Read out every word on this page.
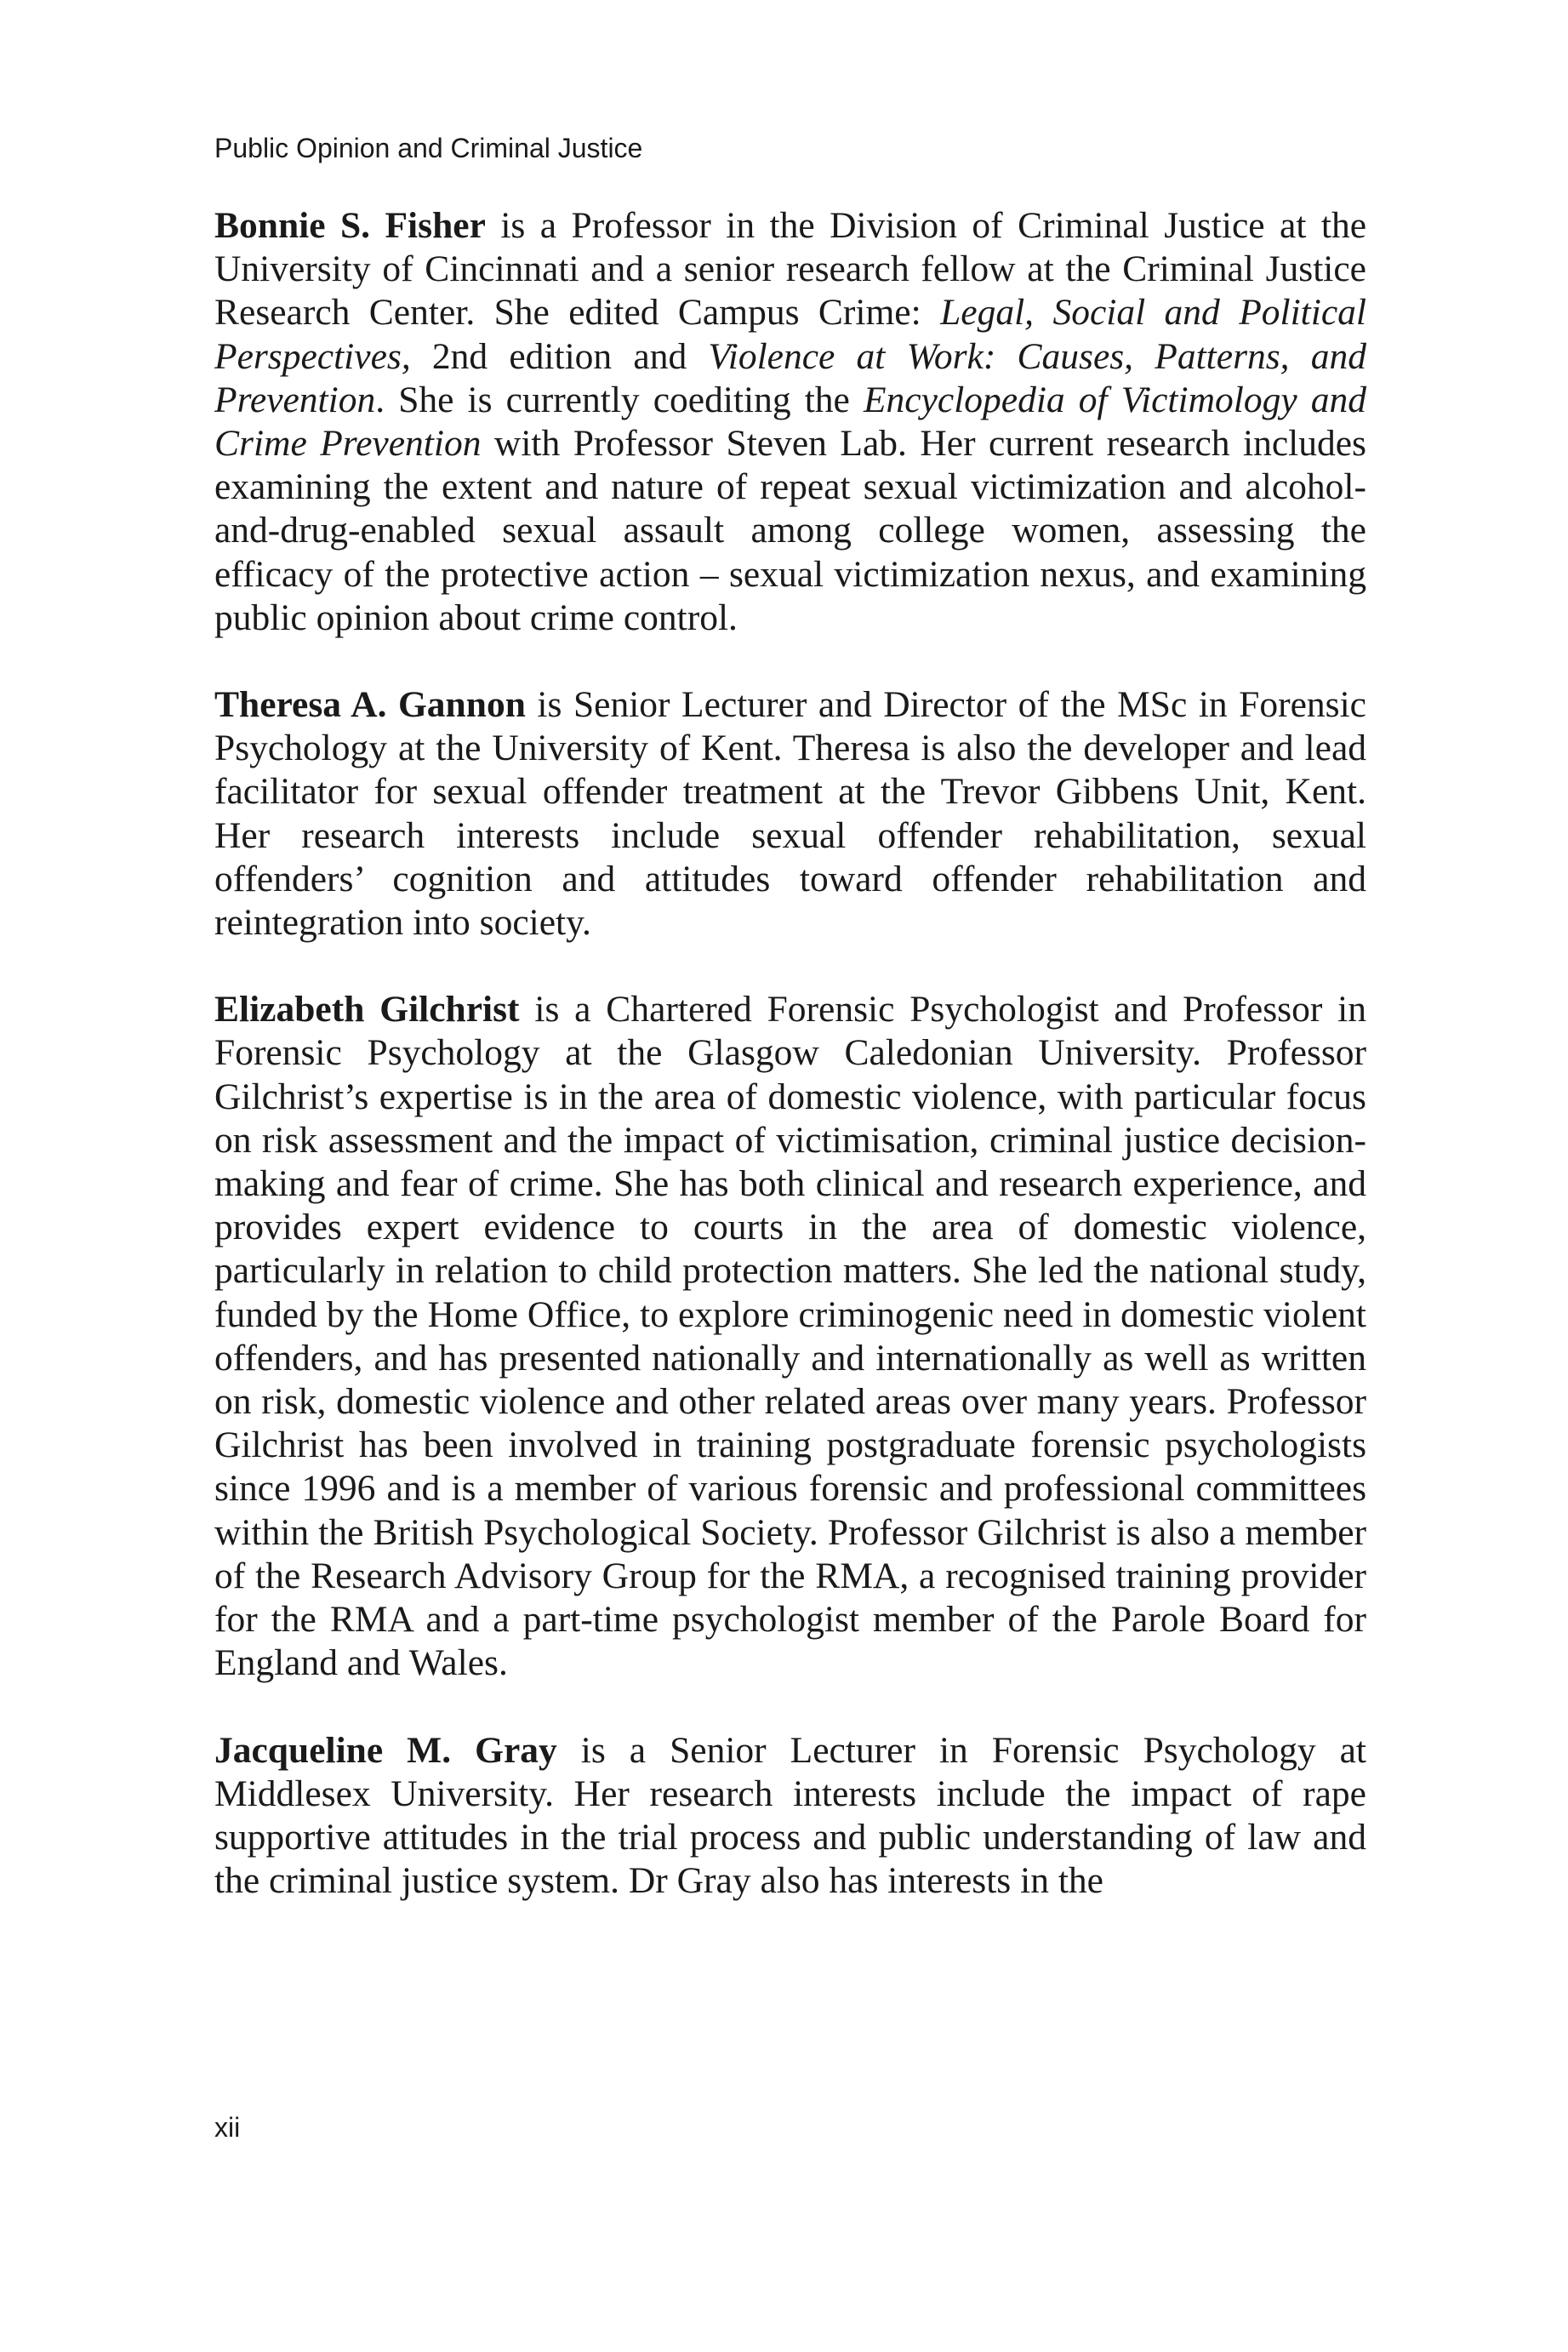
Public Opinion and Criminal Justice

Bonnie S. Fisher is a Professor in the Division of Criminal Justice at the University of Cincinnati and a senior research fellow at the Criminal Justice Research Center. She edited Campus Crime: Legal, Social and Political Perspectives, 2nd edition and Violence at Work: Causes, Patterns, and Prevention. She is currently coediting the Encyclopedia of Victimology and Crime Prevention with Professor Steven Lab. Her current research includes examining the extent and nature of repeat sexual victimization and alcohol-and-drug-enabled sexual assault among college women, assessing the efficacy of the protective action – sexual victimization nexus, and examining public opinion about crime control.

Theresa A. Gannon is Senior Lecturer and Director of the MSc in Forensic Psychology at the University of Kent. Theresa is also the developer and lead facilitator for sexual offender treatment at the Trevor Gibbens Unit, Kent. Her research interests include sexual offender rehabilitation, sexual offenders’ cognition and attitudes toward offender rehabilitation and reintegration into society.

Elizabeth Gilchrist is a Chartered Forensic Psychologist and Professor in Forensic Psychology at the Glasgow Caledonian University. Professor Gilchrist’s expertise is in the area of domestic violence, with particular focus on risk assessment and the impact of victimisation, criminal justice decision-making and fear of crime. She has both clinical and research experience, and provides expert evidence to courts in the area of domestic violence, particularly in relation to child protection matters. She led the national study, funded by the Home Office, to explore criminogenic need in domestic violent offenders, and has presented nationally and internationally as well as written on risk, domestic violence and other related areas over many years. Professor Gilchrist has been involved in training postgraduate forensic psychologists since 1996 and is a member of various forensic and professional committees within the British Psychological Society. Professor Gilchrist is also a member of the Research Advisory Group for the RMA, a recognised training provider for the RMA and a part-time psychologist member of the Parole Board for England and Wales.

Jacqueline M. Gray is a Senior Lecturer in Forensic Psychology at Middlesex University. Her research interests include the impact of rape supportive attitudes in the trial process and public understanding of law and the criminal justice system. Dr Gray also has interests in the

xii
